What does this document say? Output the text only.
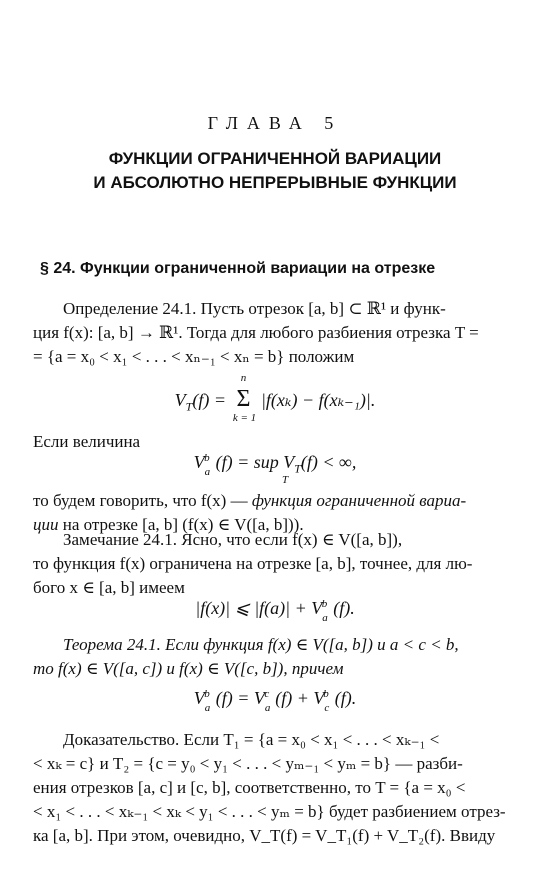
ГЛАВА 5
ФУНКЦИИ ОГРАНИЧЕННОЙ ВАРИАЦИИ
И АБСОЛЮТНО НЕПРЕРЫВНЫЕ ФУНКЦИИ
§ 24. Функции ограниченной вариации на отрезке
Определение 24.1. Пусть отрезок [a, b] ⊂ ℝ¹ и функ-
ция f(x): [a, b] → ℝ¹. Тогда для любого разбиения отрезка T =
= {a = x₀ < x₁ < . . . < xₙ₋₁ < xₙ = b} положим
$V_T(f)$ =
n
Σ
k = 1
|f(xₖ) − f(xₖ₋₁)|.
Если величина
$V_a^b$ (f) = sup $V_T(f)$ < ∞,
T
то будем говорить, что f(x) — функция ограниченной вариа-
ции на отрезке [a, b] (f(x) ∈ V([a, b])).
Замечание 24.1. Ясно, что если f(x) ∈ V([a, b]),
то функция f(x) ограничена на отрезке [a, b], точнее, для лю-
бого x ∈ [a, b] имеем
|f(x)| ⩽ $|f(a)| + V_a^b$ (f).
Теорема 24.1. Если функция f(x) ∈ V([a, b]) и a < c < b,
то f(x) ∈ V([a, c]) и f(x) ∈ V([c, b]), причем
$V_a^b$ $(f) = V_a^c$ $(f) + V_c^b$ (f).
Доказательство. Если T₁ = {a = x₀ < x₁ < . . . < xₖ₋₁ <
< xₖ = c} и T₂ = {c = y₀ < y₁ < . . . < yₘ₋₁ < yₘ = b} — разби-
ения отрезков [a, c] и [c, b], соответственно, то T = {a = x₀ <
< x₁ < . . . < xₖ₋₁ < xₖ < y₁ < . . . < yₘ = b} будет разбиением отрез-
ка [a, b]. При этом, очевидно, V_T(f) = V_T₁(f) + V_T₂(f). Ввиду
